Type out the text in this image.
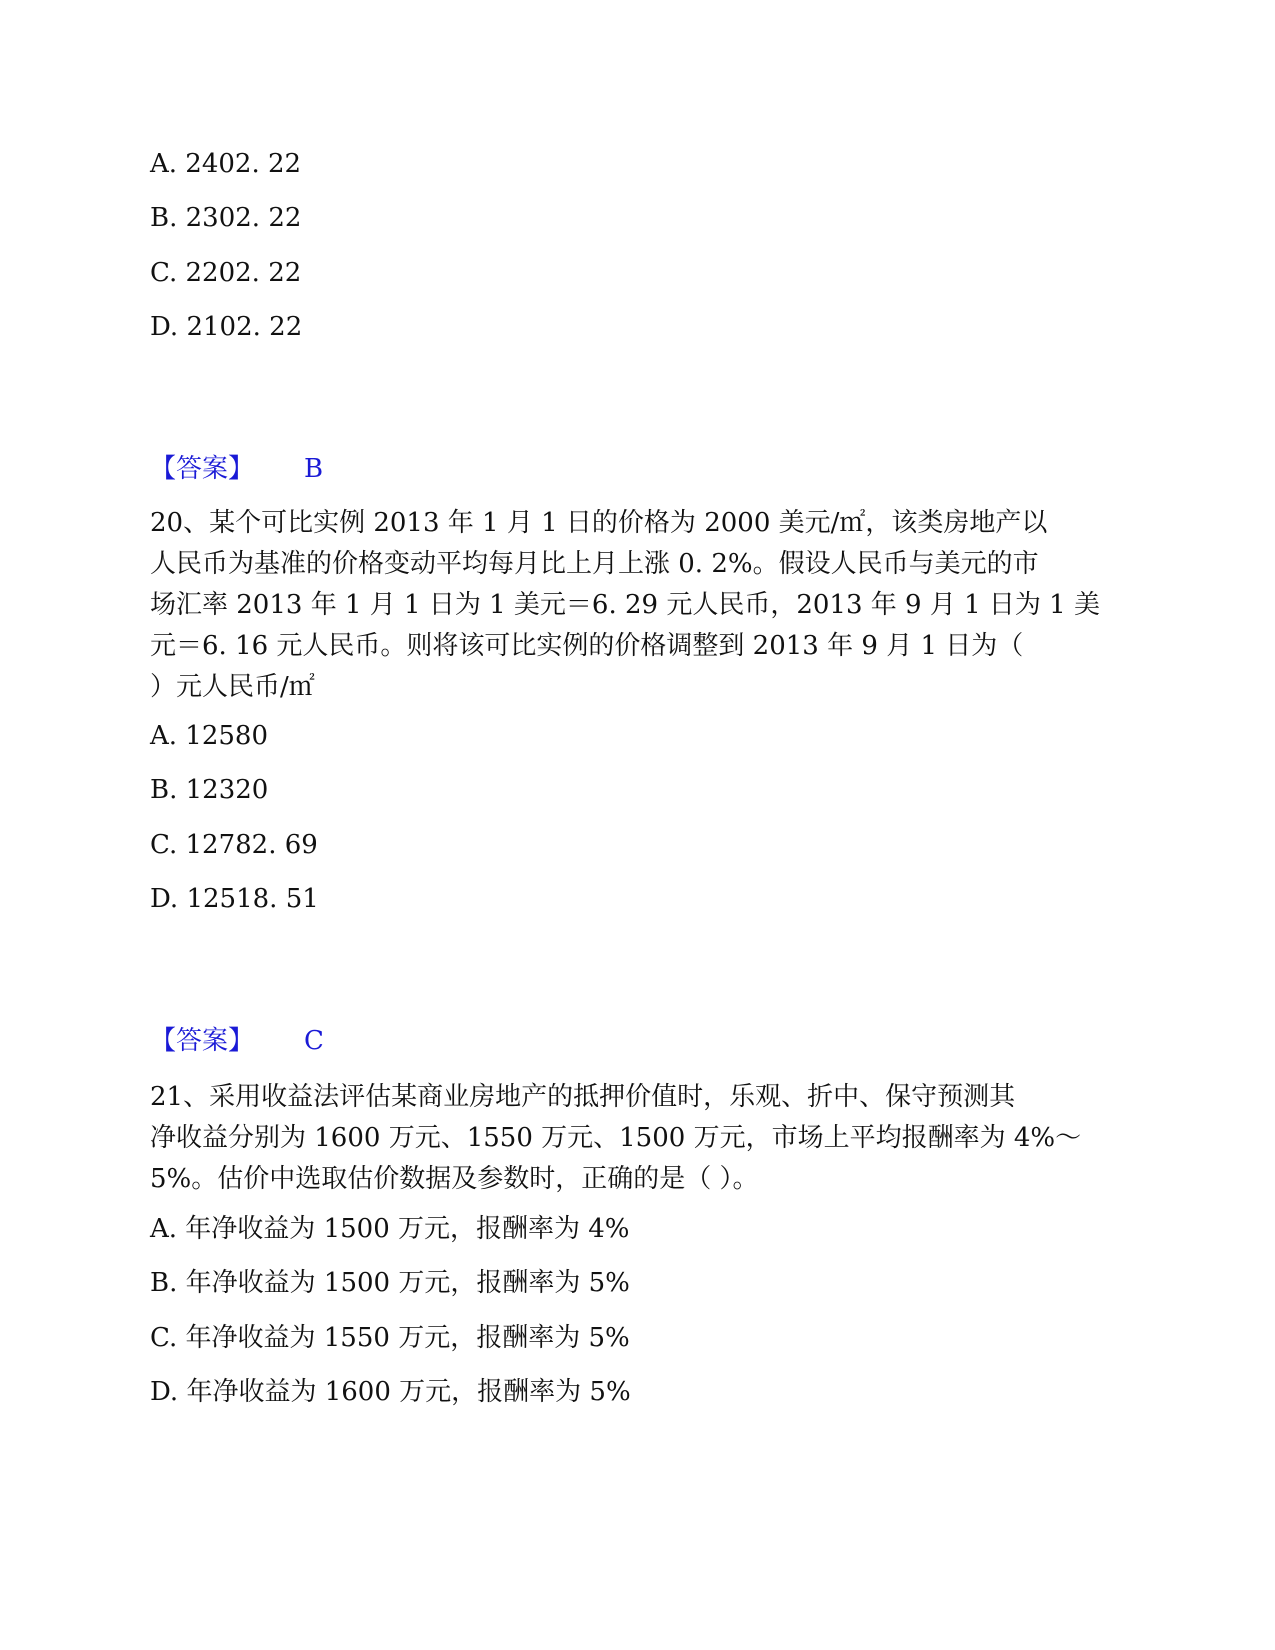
A. 2402. 22
B. 2302. 22
C. 2202. 22
D. 2102. 22
【答案】 B
20、某个可比实例 2013 年 1 月 1 日的价格为 2000 美元/㎡，该类房地产以
人民币为基准的价格变动平均每月比上月上涨 0. 2%。假设人民币与美元的市
场汇率 2013 年 1 月 1 日为 1 美元＝6. 29 元人民币，2013 年 9 月 1 日为 1 美
元＝6. 16 元人民币。则将该可比实例的价格调整到 2013 年 9 月 1 日为（
）元人民币/㎡
A. 12580
B. 12320
C. 12782. 69
D. 12518. 51
【答案】 C
21、采用收益法评估某商业房地产的抵押价值时，乐观、折中、保守预测其
净收益分别为 1600 万元、1550 万元、1500 万元，市场上平均报酬率为 4%～
5%。估价中选取估价数据及参数时，正确的是（ ）。
A. 年净收益为 1500 万元，报酬率为 4%
B. 年净收益为 1500 万元，报酬率为 5%
C. 年净收益为 1550 万元，报酬率为 5%
D. 年净收益为 1600 万元，报酬率为 5%
